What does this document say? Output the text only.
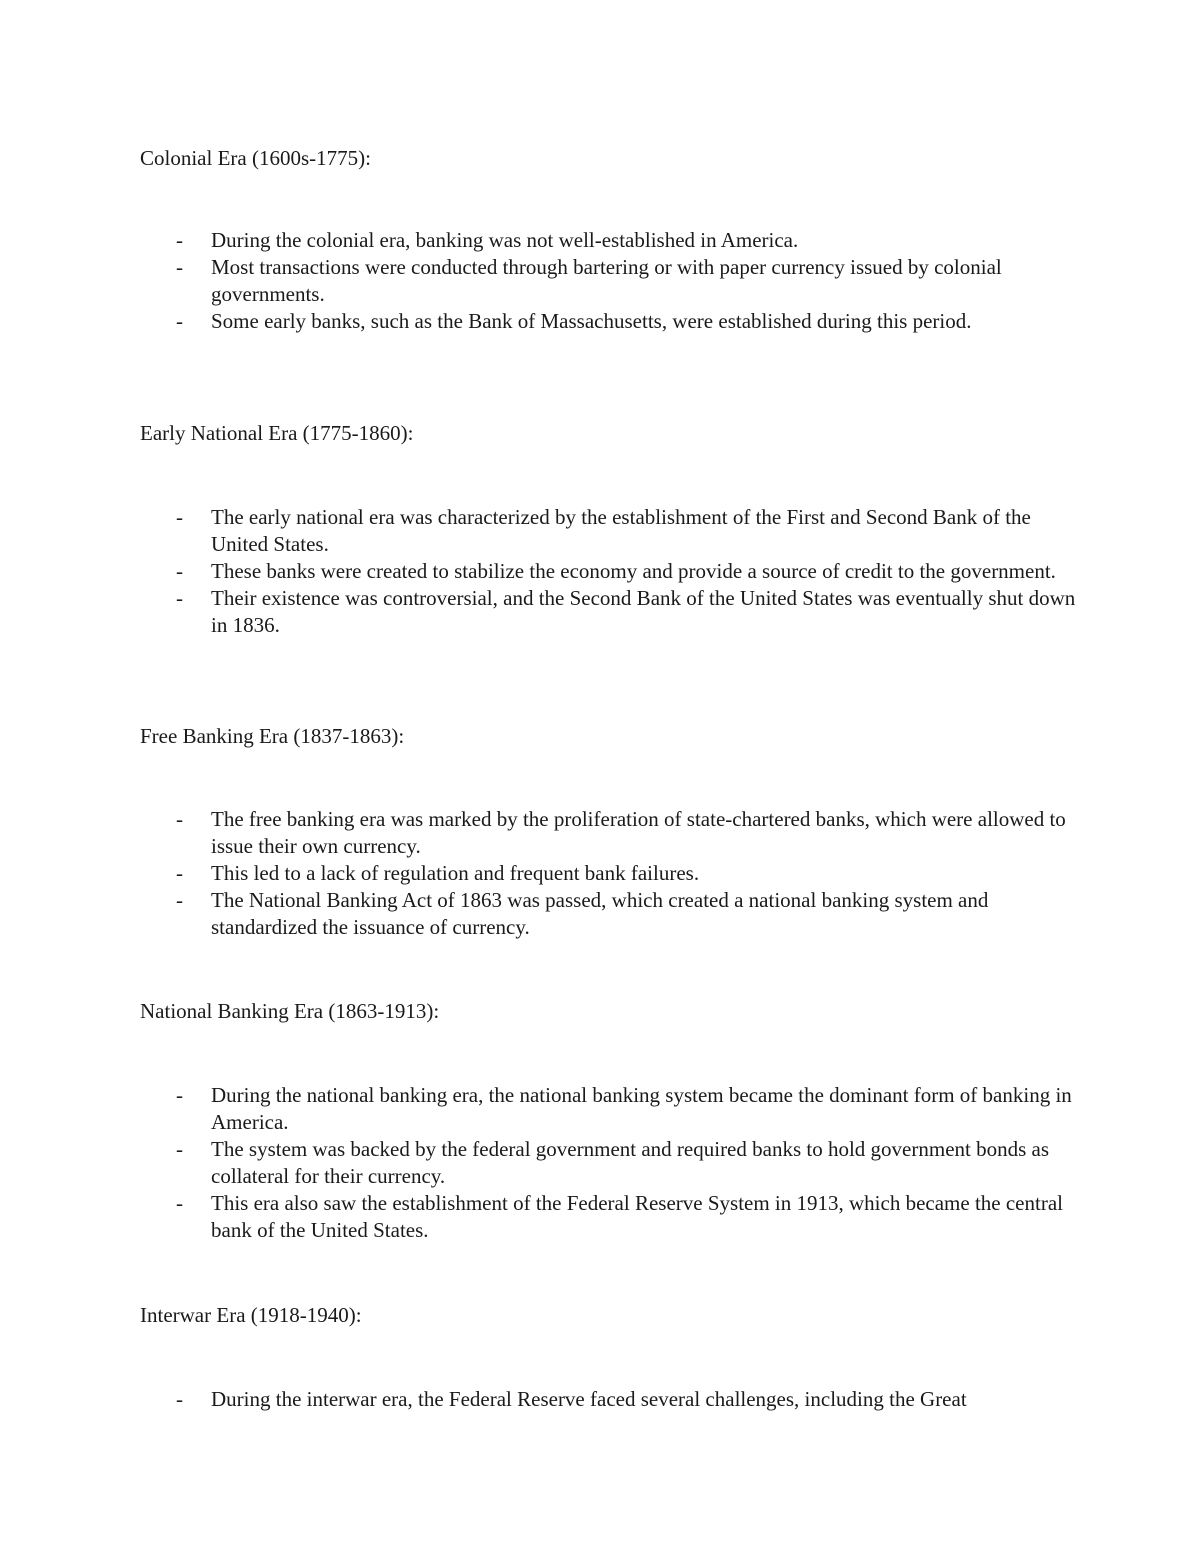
Colonial Era (1600s-1775):

- During the colonial era, banking was not well-established in America.
- Most transactions were conducted through bartering or with paper currency issued by colonial governments.
- Some early banks, such as the Bank of Massachusetts, were established during this period.

Early National Era (1775-1860):

- The early national era was characterized by the establishment of the First and Second Bank of the United States.
- These banks were created to stabilize the economy and provide a source of credit to the government.
- Their existence was controversial, and the Second Bank of the United States was eventually shut down in 1836.

Free Banking Era (1837-1863):

- The free banking era was marked by the proliferation of state-chartered banks, which were allowed to issue their own currency.
- This led to a lack of regulation and frequent bank failures.
- The National Banking Act of 1863 was passed, which created a national banking system and standardized the issuance of currency.

National Banking Era (1863-1913):

- During the national banking era, the national banking system became the dominant form of banking in America.
- The system was backed by the federal government and required banks to hold government bonds as collateral for their currency.
- This era also saw the establishment of the Federal Reserve System in 1913, which became the central bank of the United States.

Interwar Era (1918-1940):

- During the interwar era, the Federal Reserve faced several challenges, including the Great
